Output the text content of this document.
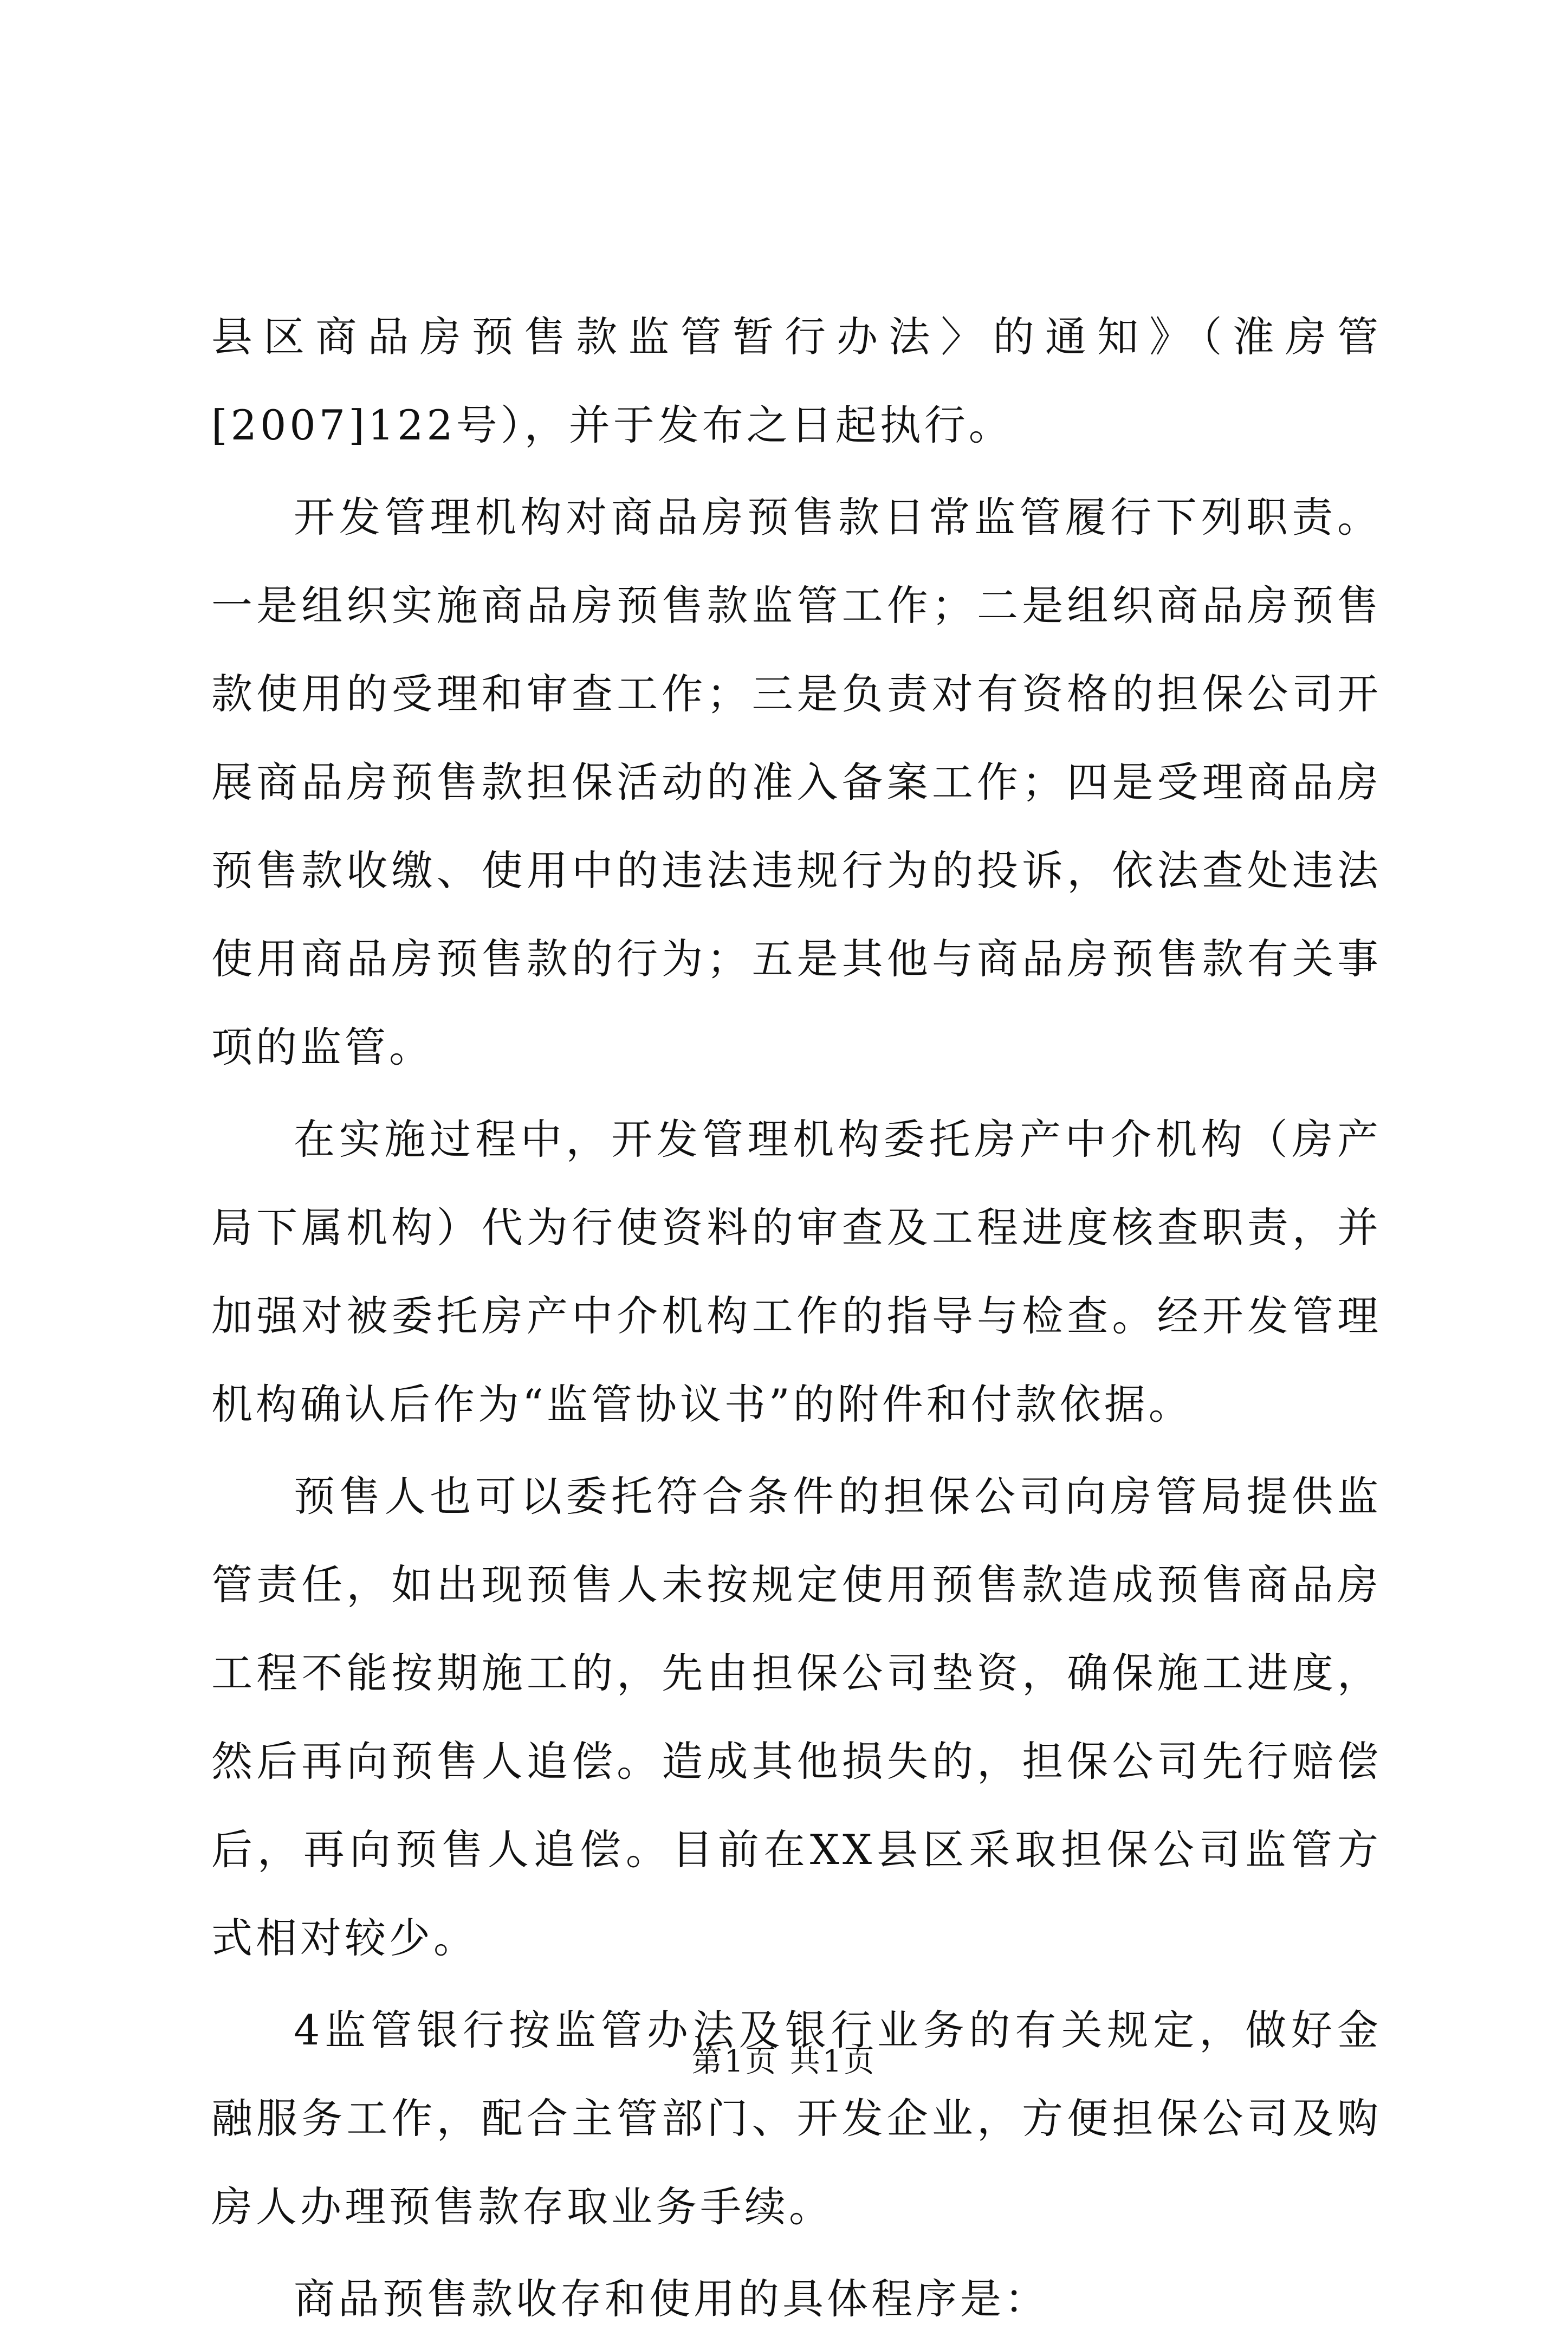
县区商品房预售款监管暂行办法〉的通知》（淮房管[2007]122号），并于发布之日起执行。

开发管理机构对商品房预售款日常监管履行下列职责。一是组织实施商品房预售款监管工作；二是组织商品房预售款使用的受理和审查工作；三是负责对有资格的担保公司开展商品房预售款担保活动的准入备案工作；四是受理商品房预售款收缴、使用中的违法违规行为的投诉，依法查处违法使用商品房预售款的行为；五是其他与商品房预售款有关事项的监管。

在实施过程中，开发管理机构委托房产中介机构（房产局下属机构）代为行使资料的审查及工程进度核查职责，并加强对被委托房产中介机构工作的指导与检查。经开发管理机构确认后作为“监管协议书”的附件和付款依据。

预售人也可以委托符合条件的担保公司向房管局提供监管责任，如出现预售人未按规定使用预售款造成预售商品房工程不能按期施工的，先由担保公司垫资，确保施工进度，然后再向预售人追偿。造成其他损失的，担保公司先行赔偿后，再向预售人追偿。目前在XX县区采取担保公司监管方式相对较少。

4监管银行按监管办法及银行业务的有关规定，做好金融服务工作，配合主管部门、开发企业，方便担保公司及购房人办理预售款存取业务手续。

商品预售款收存和使用的具体程序是：

第1页 共1页
